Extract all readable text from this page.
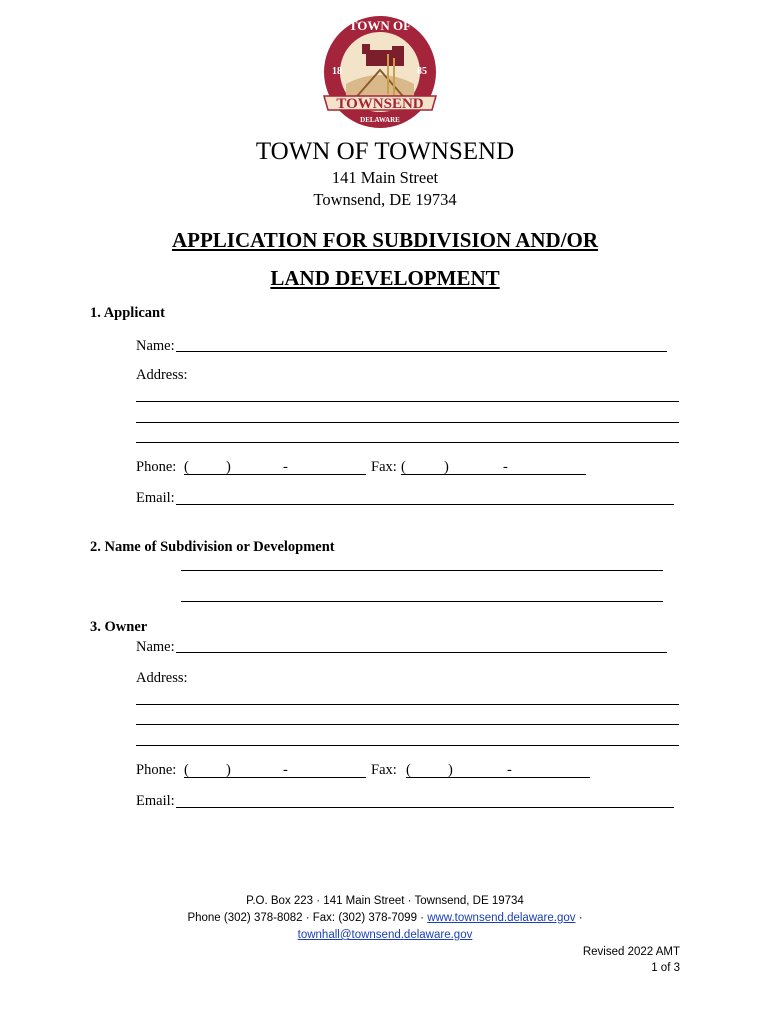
TOWNSEND
TOWN OF
18	85
DELAWARE
TOWN OF TOWNSEND
141 Main Street
Townsend, DE 19734
APPLICATION FOR SUBDIVISION AND/OR
LAND DEVELOPMENT
1. Applicant
Name:
Address:
Phone: (	)	-	Fax: (	)	-
Email:
2. Name of Subdivision or Development
3. Owner
Name:
Address:
Phone: (	)	-	Fax: (	)	-
Email:
P.O. Box 223 · 141 Main Street · Townsend, DE 19734
Phone (302) 378-8082 · Fax: (302) 378-7099 · www.townsend.delaware.gov ·
townhall@townsend.delaware.gov
Revised 2022 AMT
1 of 3
